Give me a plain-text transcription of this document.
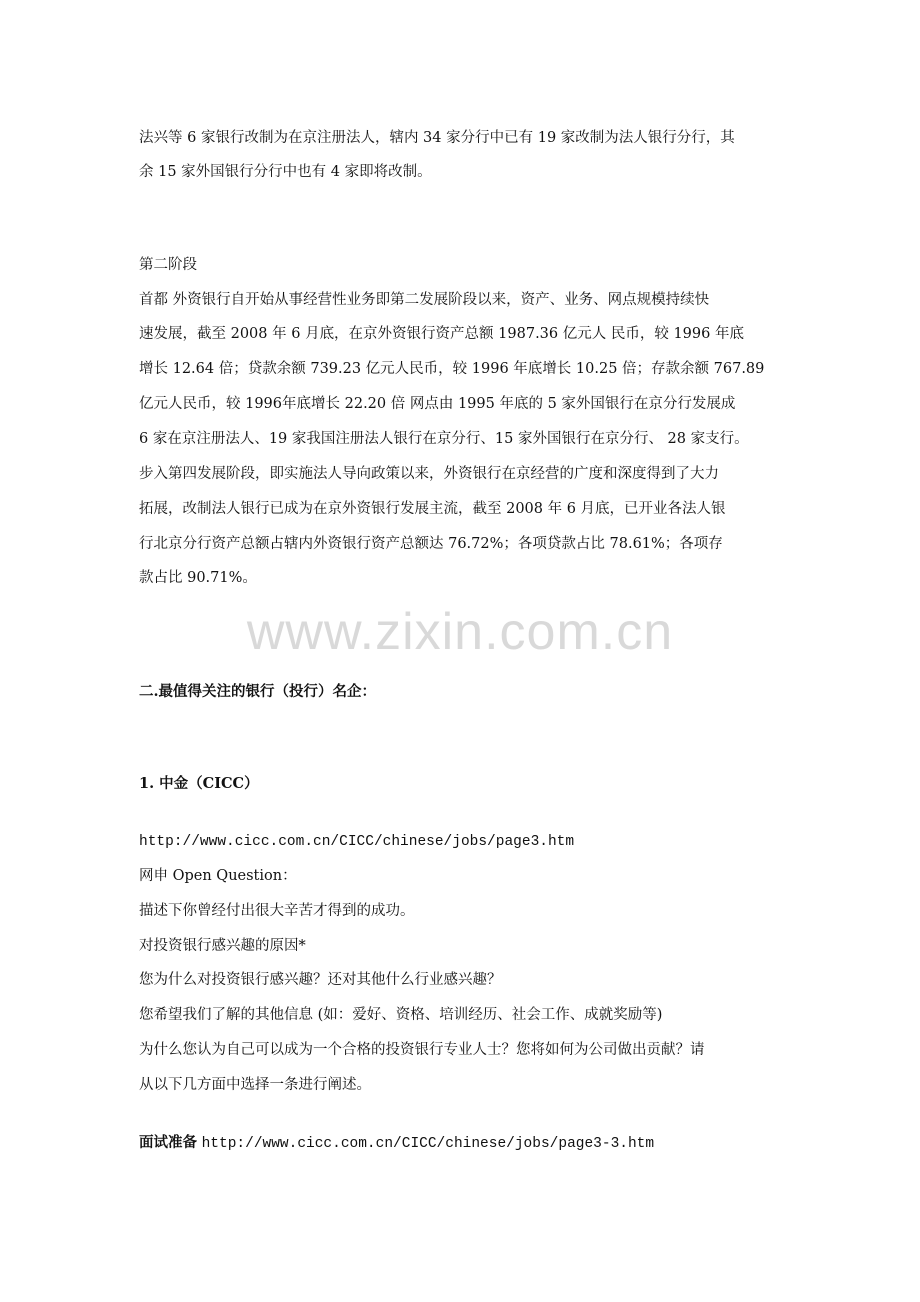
www.zixin.com.cn
法兴等 6 家银行改制为在京注册法人，辖内 34 家分行中已有 19 家改制为法人银行分行，其
余 15 家外国银行分行中也有 4 家即将改制。
第二阶段
首都 外资银行自开始从事经营性业务即第二发展阶段以来，资产、业务、网点规模持续快
速发展，截至 2008 年 6 月底，在京外资银行资产总额 1987.36 亿元人 民币，较 1996 年底
增长 12.64 倍；贷款余额 739.23 亿元人民币，较 1996 年底增长 10.25 倍；存款余额 767.89
亿元人民币，较 1996年底增长 22.20 倍 网点由 1995 年底的 5 家外国银行在京分行发展成
6 家在京注册法人、19 家我国注册法人银行在京分行、15 家外国银行在京分行、 28 家支行。
步入第四发展阶段，即实施法人导向政策以来，外资银行在京经营的广度和深度得到了大力
拓展，改制法人银行已成为在京外资银行发展主流，截至 2008 年 6 月底，已开业各法人银
行北京分行资产总额占辖内外资银行资产总额达 76.72%；各项贷款占比 78.61%；各项存
款占比 90.71%。
二.最值得关注的银行（投行）名企：
1. 中金（CICC）
http://www.cicc.com.cn/CICC/chinese/jobs/page3.htm
网申 Open Question：
描述下你曾经付出很大辛苦才得到的成功。
对投资银行感兴趣的原因*
您为什么对投资银行感兴趣？还对其他什么行业感兴趣？
您希望我们了解的其他信息 (如：爱好、资格、培训经历、社会工作、成就奖励等)
为什么您认为自己可以成为一个合格的投资银行专业人士？您将如何为公司做出贡献？请
从以下几方面中选择一条进行阐述。
面试准备 http://www.cicc.com.cn/CICC/chinese/jobs/page3-3.htm
